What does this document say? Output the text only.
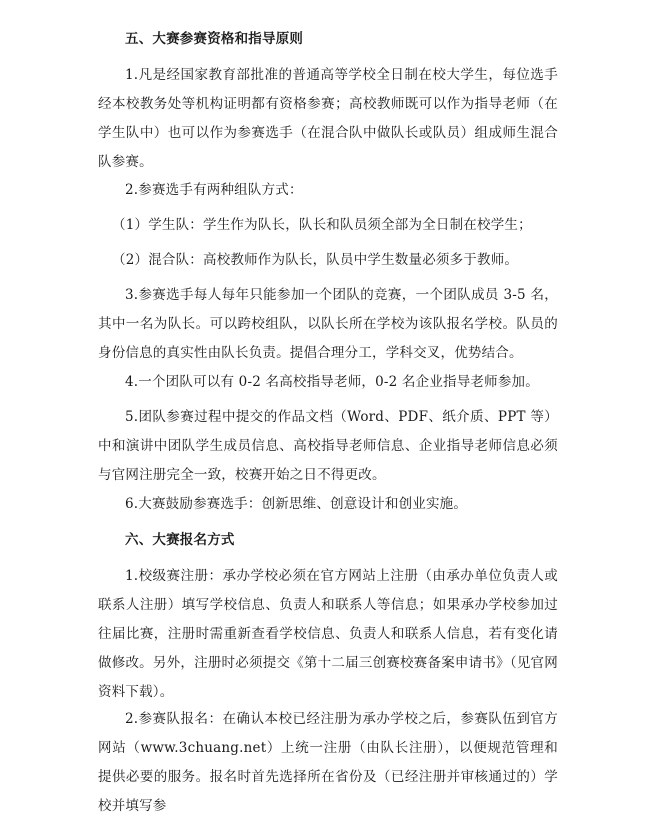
五、大赛参赛资格和指导原则
1.凡是经国家教育部批准的普通高等学校全日制在校大学生，每位选手经本校教务处等机构证明都有资格参赛；高校教师既可以作为指导老师（在学生队中）也可以作为参赛选手（在混合队中做队长或队员）组成师生混合队参赛。
2.参赛选手有两种组队方式：
（1）学生队：学生作为队长，队长和队员须全部为全日制在校学生；
（2）混合队：高校教师作为队长，队员中学生数量必须多于教师。
3.参赛选手每人每年只能参加一个团队的竞赛，一个团队成员 3-5 名，其中一名为队长。可以跨校组队，以队长所在学校为该队报名学校。队员的身份信息的真实性由队长负责。提倡合理分工，学科交叉，优势结合。
4.一个团队可以有 0-2 名高校指导老师，0-2 名企业指导老师参加。
5.团队参赛过程中提交的作品文档（Word、PDF、纸介质、PPT 等）中和演讲中团队学生成员信息、高校指导老师信息、企业指导老师信息必须与官网注册完全一致，校赛开始之日不得更改。
6.大赛鼓励参赛选手：创新思维、创意设计和创业实施。
六、大赛报名方式
1.校级赛注册：承办学校必须在官方网站上注册（由承办单位负责人或联系人注册）填写学校信息、负责人和联系人等信息；如果承办学校参加过往届比赛，注册时需重新查看学校信息、负责人和联系人信息，若有变化请做修改。另外，注册时必须提交《第十二届三创赛校赛备案申请书》（见官网资料下载）。
2.参赛队报名：在确认本校已经注册为承办学校之后，参赛队伍到官方网站（www.3chuang.net）上统一注册（由队长注册），以便规范管理和提供必要的服务。报名时首先选择所在省份及（已经注册并审核通过的）学校并填写参
